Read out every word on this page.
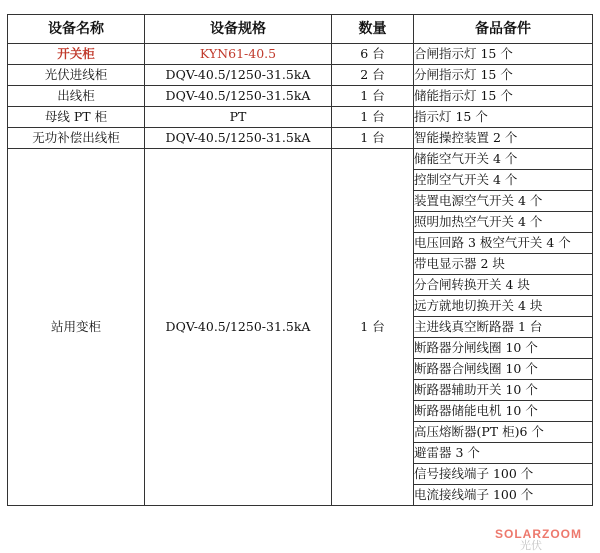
设备名称	设备规格	数量	备品备件
开关柜	KYN61-40.5	6 台	合闸指示灯 15 个
光伏进线柜	DQV-40.5/1250-31.5kA	2 台	分闸指示灯 15 个
出线柜	DQV-40.5/1250-31.5kA	1 台	储能指示灯 15 个
母线 PT 柜	PT	1 台	指示灯 15 个
无功补偿出线柜	DQV-40.5/1250-31.5kA	1 台	智能操控装置 2 个
站用变柜	DQV-40.5/1250-31.5kA	1 台	储能空气开关 4 个
			控制空气开关 4 个
			装置电源空气开关 4 个
			照明加热空气开关 4 个
			电压回路 3 极空气开关 4 个
			带电显示器 2 块
			分合闸转换开关 4 块
			远方就地切换开关 4 块
			主进线真空断路器 1 台
			断路器分闸线圈 10 个
			断路器合闸线圈 10 个
			断路器辅助开关 10 个
			断路器储能电机 10 个
			高压熔断器(PT 柜)6 个
			避雷器 3 个
			信号接线端子 100 个
			电流接线端子 100 个
SOLARZOOM
光伏
